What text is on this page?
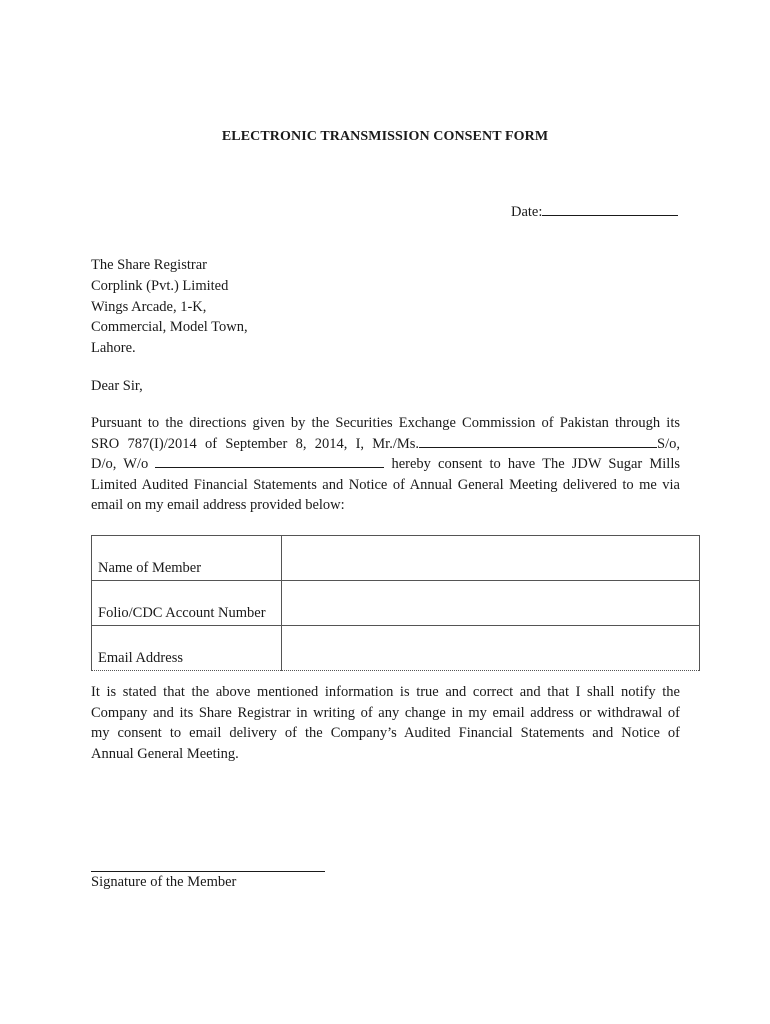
ELECTRONIC TRANSMISSION CONSENT FORM
Date:
The Share Registrar
Corplink (Pvt.) Limited
Wings Arcade, 1-K,
Commercial, Model Town,
Lahore.
Dear Sir,
Pursuant to the directions given by the Securities Exchange Commission of Pakistan through its
SRO 787(I)/2014 of September 8, 2014, I, Mr./Ms.	S/o,
D/o, W/o	hereby consent to have The JDW Sugar Mills
Limited Audited Financial Statements and Notice of Annual General Meeting delivered to me via
email on my email address provided below:
Name of Member	
Folio/CDC Account Number	
Email Address	
It is stated that the above mentioned information is true and correct and that I shall notify the
Company and its Share Registrar in writing of any change in my email address or withdrawal of
my consent to email delivery of the Company’s Audited Financial Statements and Notice of
Annual General Meeting.
Signature of the Member
